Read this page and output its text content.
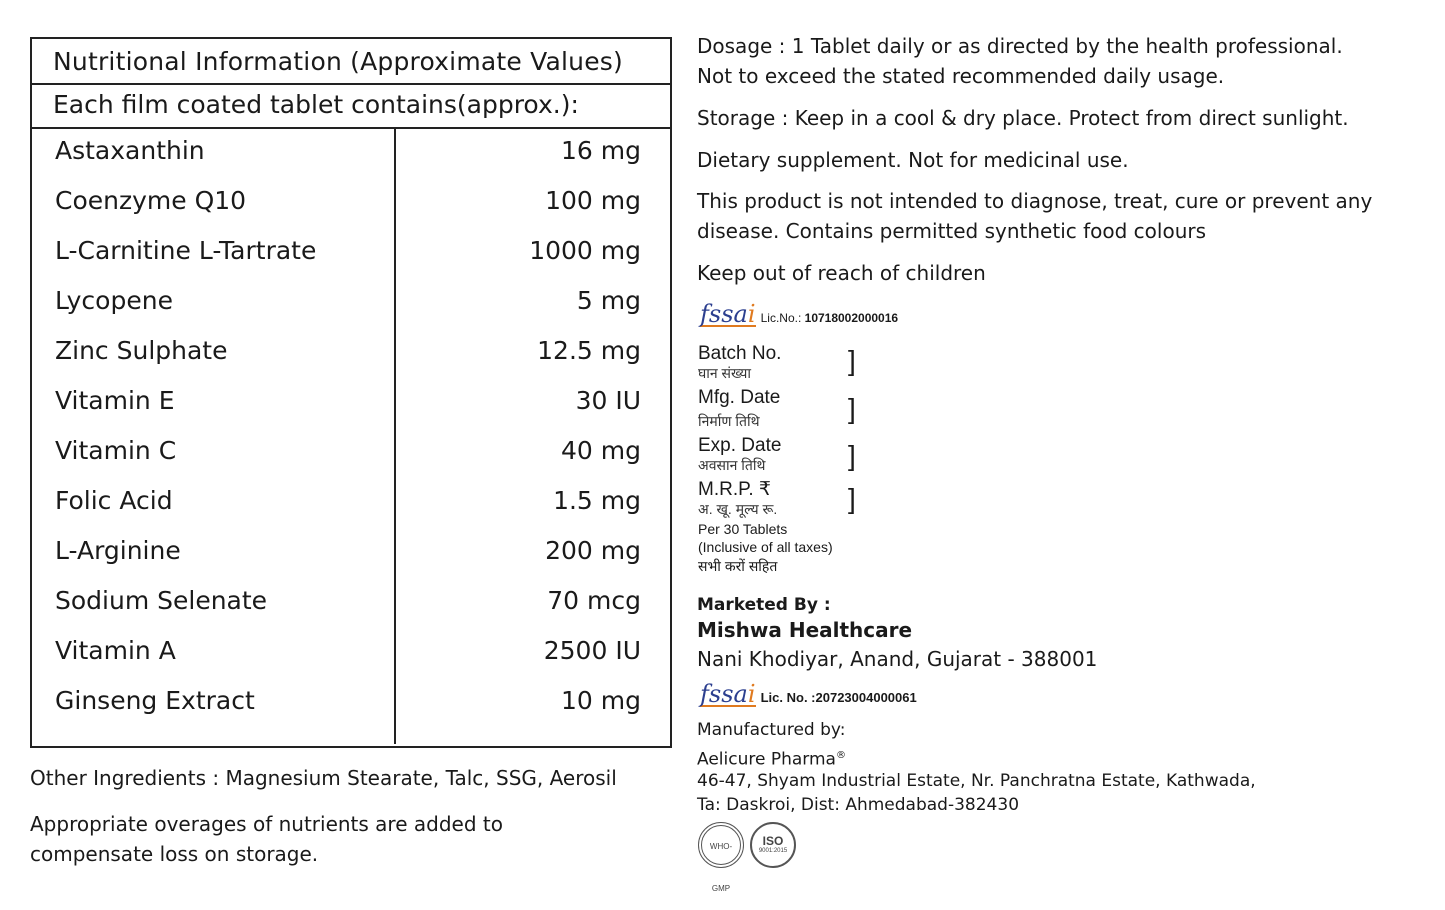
Nutritional Information (Approximate Values)
Each film coated tablet contains(approx.):
Astaxanthin	16 mg
Coenzyme Q10	100 mg
L-Carnitine L-Tartrate	1000 mg
Lycopene	5 mg
Zinc Sulphate	12.5 mg
Vitamin E	30 IU
Vitamin C	40 mg
Folic Acid	1.5 mg
L-Arginine	200 mg
Sodium Selenate	70 mcg
Vitamin A	2500 IU
Ginseng Extract	10 mg
Other Ingredients : Magnesium Stearate, Talc, SSG, Aerosil
Appropriate overages of nutrients are added to
compensate loss on storage.
Dosage : 1 Tablet daily or as directed by the health professional.
Not to exceed the stated recommended daily usage.
Storage : Keep in a cool & dry place. Protect from direct sunlight.
Dietary supplement. Not for medicinal use.
This product is not intended to diagnose, treat, cure or prevent any
disease. Contains permitted synthetic food colours
Keep out of reach of children
fssai Lic.No.: 10718002000016
Batch No.
घान संख्या	]
Mfg. Date
निर्माण तिथि	]
Exp. Date
अवसान तिथि	]
M.R.P. ₹
अ. खू. मूल्य रू.	]
Per 30 Tablets
(Inclusive of all taxes)
सभी करों सहित
Marketed By :
Mishwa Healthcare
Nani Khodiyar, Anand, Gujarat - 388001
fssai Lic. No. :20723004000061
Manufactured by:
Aelicure Pharma®
46-47, Shyam Industrial Estate, Nr. Panchratna Estate, Kathwada,
Ta: Daskroi, Dist: Ahmedabad-382430
WHO-GMP
ISO
9001:2015
